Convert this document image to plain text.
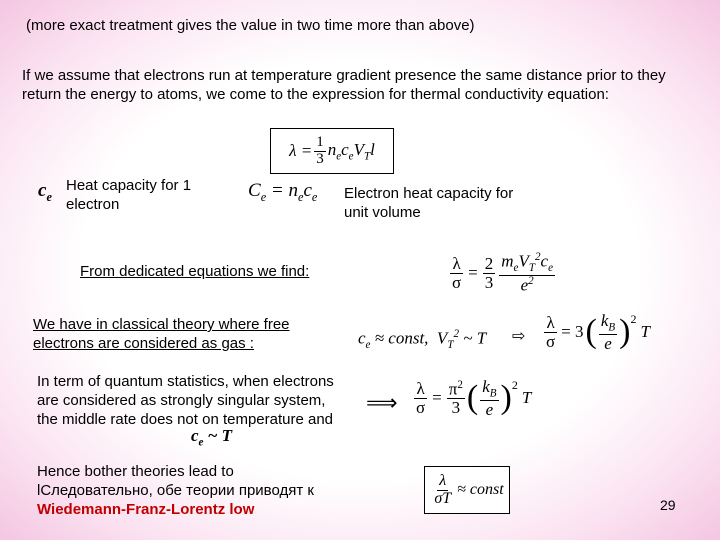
(more exact treatment gives the value in two time more than above)
If we assume that electrons run at temperature gradient presence the same distance prior to they return the energy to atoms, we come to the expression for thermal conductivity equation:
$\lambda = \frac{1}{3} n_ec_eV_Tl$
$c_e$
Heat capacity for 1 electron
$C_e = n_ec_e$ Electron heat capacity for unit volume
From dedicated equations we find:	$\frac{\lambda}{\sigma} = \frac{2}{3} \frac{m_eV_T^2c_e}{e^2}$
We have in classical theory where free electrons are considered as gas :	$c_e$ ≈ const,  $V_T^2$ ~ T ⇨ $\frac{\lambda}{\sigma} = 3$ ( $\frac{k_B}{e}$ ) 2
T
In term of quantum statistics, when electrons are considered as strongly singular system, the middle rate does not on temperature and
$c_e$ ~ T
⟹ $\frac{\lambda}{\sigma} = \frac{\pi^2}{3}$ ( $\frac{k_B}{e}$ ) 2
T
Hence bother theories lead to
lСледовательно, обе теории приводят к
Wiedemann-Franz-Lorentz low
$\frac{\lambda}{\sigma T}$ ≈ const
29
